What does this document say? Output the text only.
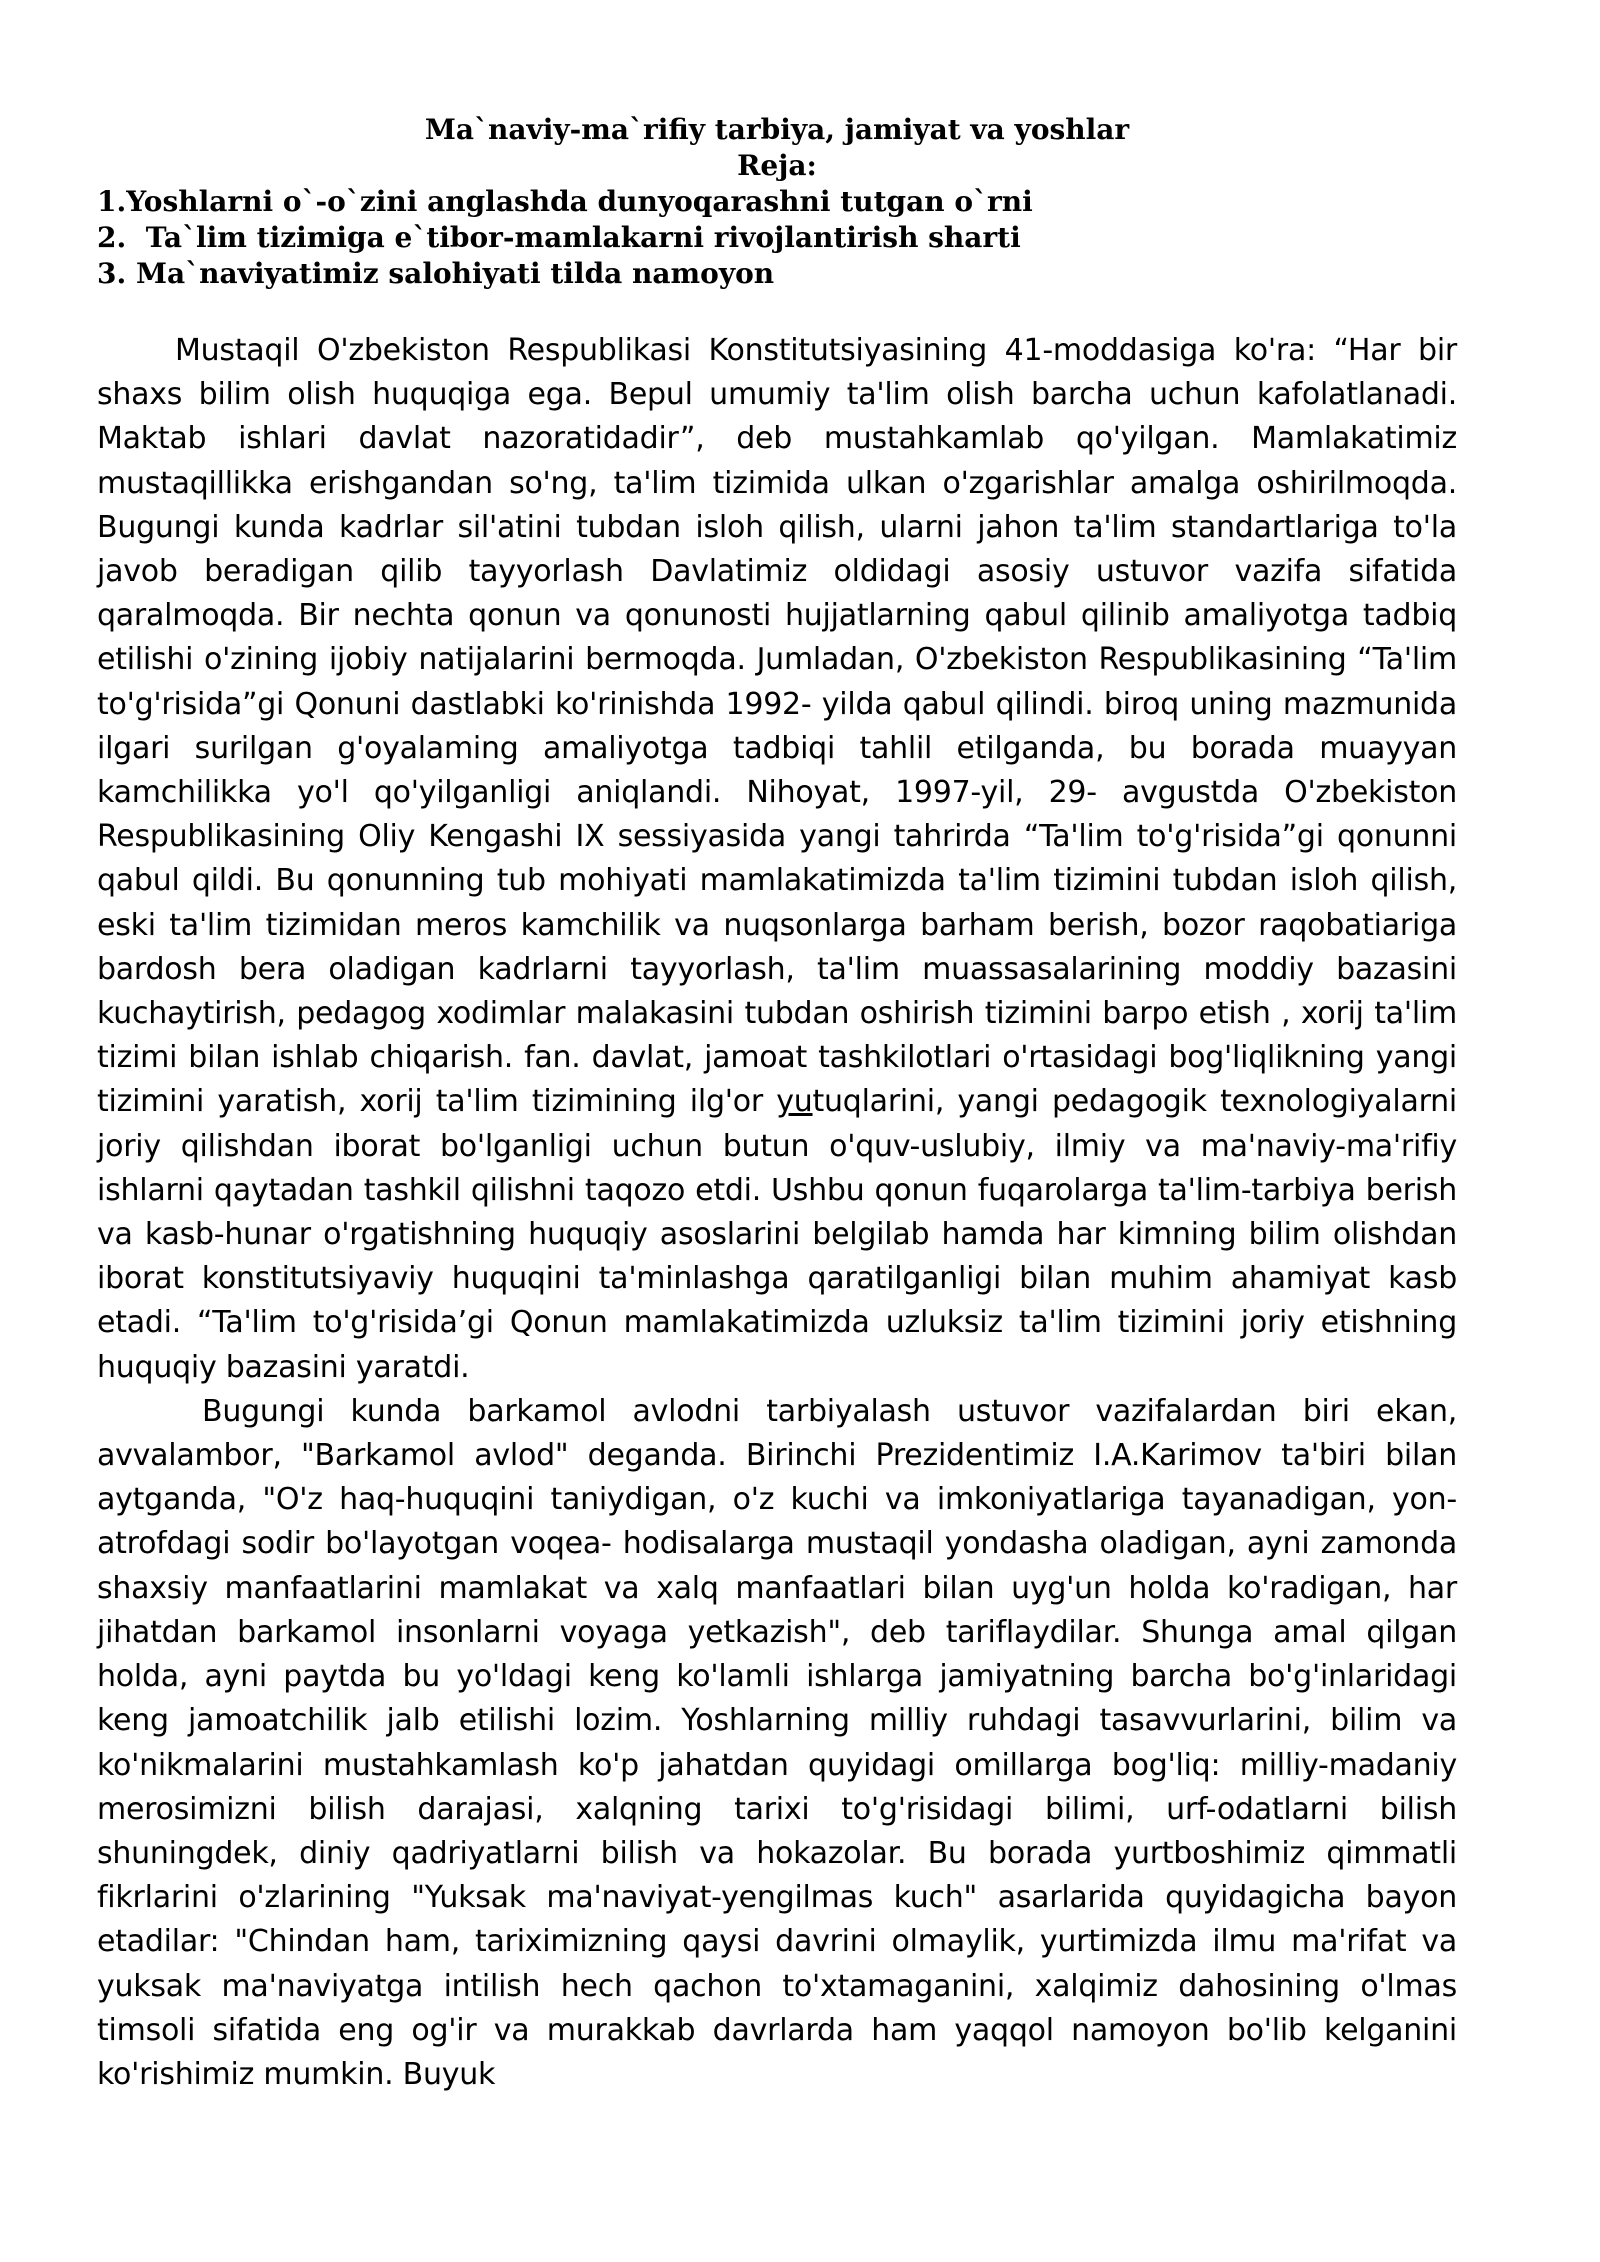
Ma`naviy-ma`rifiy tarbiya, jamiyat va yoshlar
Reja:
1.Yoshlarni o`-o`zini anglashda dunyoqarashni tutgan o`rni
2.  Ta`lim tizimiga e`tibor-mamlakarni rivojlantirish sharti
3. Ma`naviyatimiz salohiyati tilda namoyon

Mustaqil O'zbekiston Respublikasi Konstitutsiyasining 41-moddasiga ko'ra: “Har bir shaxs bilim olish huquqiga ega. Bepul umumiy ta'lim olish barcha uchun kafolatlanadi. Maktab ishlari davlat nazoratidadir”, deb mustahkamlab qo'yilgan. Mamlakatimiz mustaqillikka erishgandan so'ng, ta'lim tizimida ulkan o'zgarishlar amalga oshirilmoqda. Bugungi kunda kadrlar sil'atini tubdan isloh qilish, ularni jahon ta'lim standartlariga to'la javob beradigan qilib tayyorlash Davlatimiz oldidagi asosiy ustuvor vazifa sifatida qaralmoqda. Bir nechta qonun va qonunosti hujjatlarning qabul qilinib amaliyotga tadbiq etilishi o'zining ijobiy natijalarini bermoqda. Jumladan, O'zbekiston Respublikasining “Ta'lim to'g'risida”gi Qonuni dastlabki ko'rinishda 1992- yilda qabul qilindi. biroq uning mazmunida ilgari surilgan g'oyalaming amaliyotga tadbiqi tahlil etilganda, bu borada muayyan kamchilikka yo'l qo'yilganligi aniqlandi. Nihoyat, 1997-yil, 29- avgustda O'zbekiston Respublikasining Oliy Kengashi IX sessiyasida yangi tahrirda “Ta'lim to'g'risida”gi qonunni qabul qildi. Bu qonunning tub mohiyati mamlakatimizda ta'lim tizimini tubdan isloh qilish, eski ta'lim tizimidan meros kamchilik va nuqsonlarga barham berish, bozor raqobatiariga bardosh bera oladigan kadrlarni tayyorlash, ta'lim muassasalarining moddiy bazasini kuchaytirish, pedagog xodimlar malakasini tubdan oshirish tizimini barpo etish , xorij ta'lim tizimi bilan ishlab chiqarish. fan. davlat, jamoat tashkilotlari o'rtasidagi bog'liqlikning yangi tizimini yaratish, xorij ta'lim tizimining ilg'or yutuqlarini, yangi pedagogik texnologiyalarni joriy qilishdan iborat bo'lganligi uchun butun o'quv-uslubiy, ilmiy va ma'naviy-ma'rifiy ishlarni qaytadan tashkil qilishni taqozo etdi. Ushbu qonun fuqarolarga ta'lim-tarbiya berish va kasb-hunar o'rgatishning huquqiy asoslarini belgilab hamda har kimning bilim olishdan iborat konstitutsiyaviy huquqini ta'minlashga qaratilganligi bilan muhim ahamiyat kasb etadi. “Ta'lim to'g'risida’gi Qonun mamlakatimizda uzluksiz ta'lim tizimini joriy etishning huquqiy bazasini yaratdi.

Bugungi kunda barkamol avlodni tarbiyalash ustuvor vazifalardan biri ekan, avvalambor, "Barkamol avlod" deganda. Birinchi Prezidentimiz I.A.Karimov ta'biri bilan aytganda, "O'z haq-huquqini taniydigan, o'z kuchi va imkoniyatlariga tayanadigan, yon-atrofdagi sodir bo'layotgan voqea- hodisalarga mustaqil yondasha oladigan, ayni zamonda shaxsiy manfaatlarini mamlakat va xalq manfaatlari bilan uyg'un holda ko'radigan, har jihatdan barkamol insonlarni voyaga yetkazish", deb tariflaydilar. Shunga amal qilgan holda, ayni paytda bu yo'ldagi keng ko'lamli ishlarga jamiyatning barcha bo'g'inlaridagi keng jamoatchilik jalb etilishi lozim. Yoshlarning milliy ruhdagi tasavvurlarini, bilim va ko'nikmalarini mustahkamlash ko'p jahatdan quyidagi omillarga bog'liq: milliy-madaniy merosimizni bilish darajasi, xalqning tarixi to'g'risidagi bilimi, urf-odatlarni bilish shuningdek, diniy qadriyatlarni bilish va hokazolar. Bu borada yurtboshimiz qimmatli fikrlarini o'zlarining "Yuksak ma'naviyat-yengilmas kuch" asarlarida quyidagicha bayon etadilar: "Chindan ham, tariximizning qaysi davrini olmaylik, yurtimizda ilmu ma'rifat va yuksak ma'naviyatga intilish hech qachon to'xtamaganini, xalqimiz dahosining o'lmas timsoli sifatida eng og'ir va murakkab davrlarda ham yaqqol namoyon bo'lib kelganini ko'rishimiz mumkin. Buyuk
